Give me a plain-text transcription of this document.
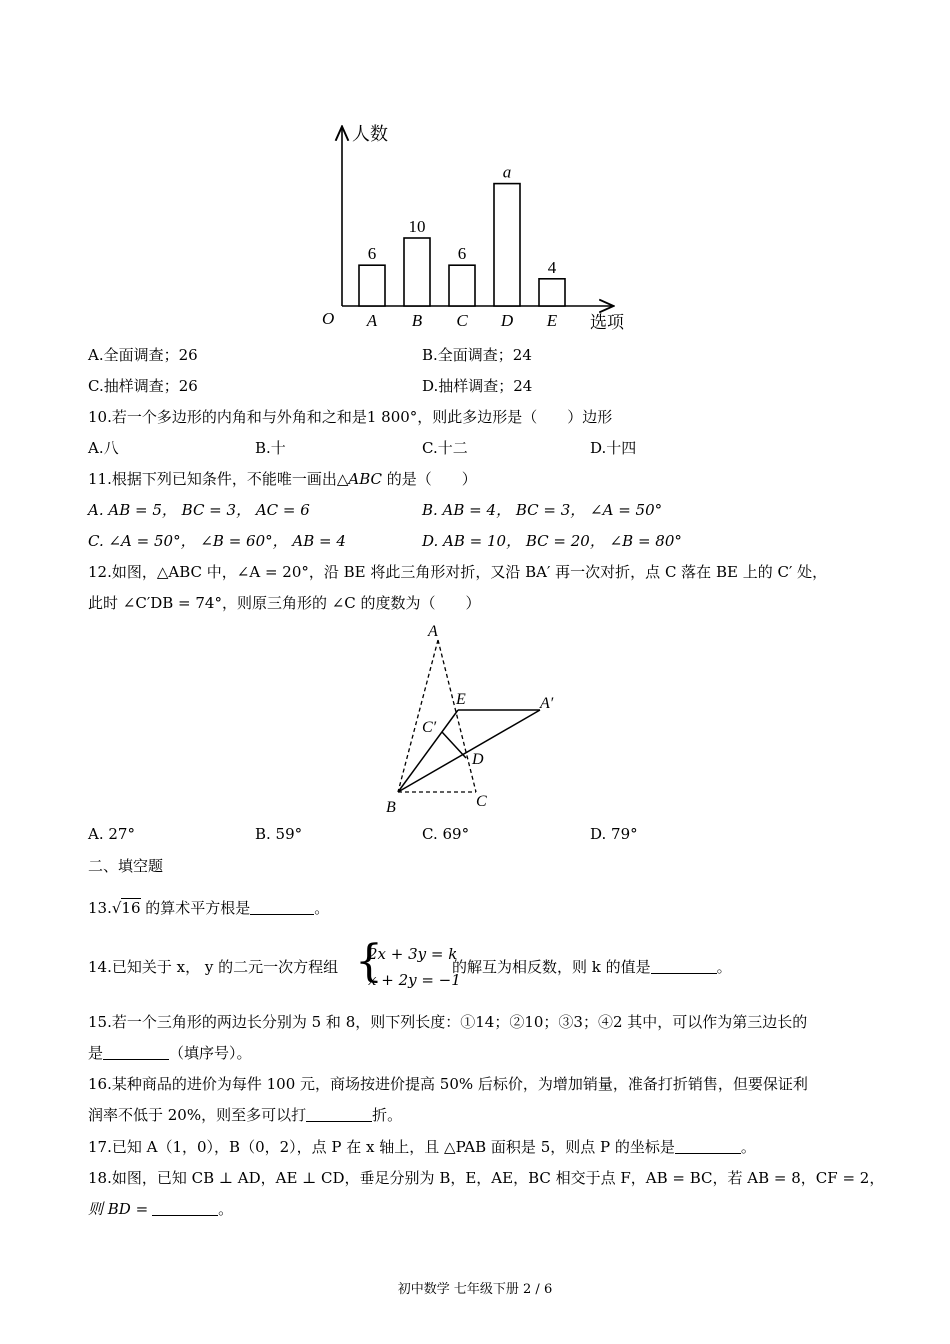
人数
选项
O
6
A
10
B
6
C
a
D
4
E
A.全面调查；26	B.全面调查；24
C.抽样调查；26	D.抽样调查；24
10.若一个多边形的内角和与外角和之和是1 800°，则此多边形是（　　）边形
A.八	B.十	C.十二	D.十四
11.根据下列已知条件，不能唯一画出△ABC 的是（　　）
A. AB = 5， BC = 3， AC = 6	B. AB = 4， BC = 3， ∠A = 50°
C. ∠A = 50°， ∠B = 60°， AB = 4	D. AB = 10， BC = 20， ∠B = 80°
12.如图，△ABC 中，∠A = 20°，沿 BE 将此三角形对折，又沿 BA′ 再一次对折，点 C 落在 BE 上的 C′ 处，
此时 ∠C′DB = 74°，则原三角形的 ∠C 的度数为（　　）
A
E	A′
C′
D
B	C
A. 27°	B. 59°	C. 69°	D. 79°
二、填空题
13.√16 的算术平方根是	。
14.已知关于 x， y 的二元一次方程组 {
2x + 3y = k
x + 2y = −1
的解互为相反数，则 k 的值是	。
15.若一个三角形的两边长分别为 5 和 8，则下列长度：①14；②10；③3；④2 其中，可以作为第三边长的
是	（填序号）。
16.某种商品的进价为每件 100 元，商场按进价提高 50% 后标价，为增加销量，准备打折销售，但要保证利
润率不低于 20%，则至多可以打	折。
17.已知 A（1，0），B（0，2），点 P 在 x 轴上，且 △PAB 面积是 5，则点 P 的坐标是	。
18.如图，已知 CB ⊥ AD，AE ⊥ CD，垂足分别为 B，E，AE，BC 相交于点 F，AB = BC，若 AB = 8，CF = 2，
则 BD =	。
初中数学 七年级下册 2 / 6
